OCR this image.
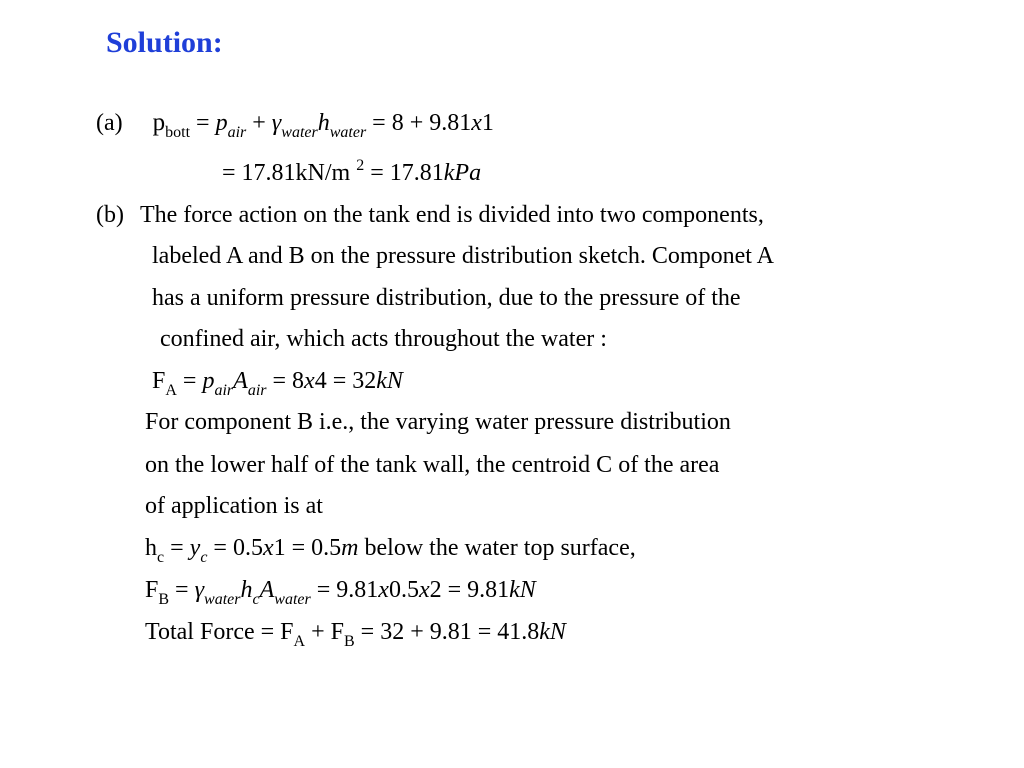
Solution:
(a) $p_{bott} = p_{air} + \gamma_{water}h_{water} = 8 + 9.81x1$
= 17.81kN/m $^2$ = 17.81kPa
(b) The force action on the tank end is divided into two components,
labeled A and B on the pressure distribution sketch. Componet A
has a uniform pressure distribution, due to the pressure of the
confined air, which acts throughout the water :
$F_A = p_{air}A_{air} = 8x4 = 32kN$
For component B i.e., the varying water pressure distribution
on the lower half of the tank wall, the centroid C of the area
of application is at
$h_c = y_c = 0.5x1 = 0.5m$ below the water top surface,
$F_B = \gamma_{water}h_cA_{water} = 9.81x0.5x2 = 9.81kN$
Total Force = $F_A + F_B = 32 + 9.81 = 41.8kN$
